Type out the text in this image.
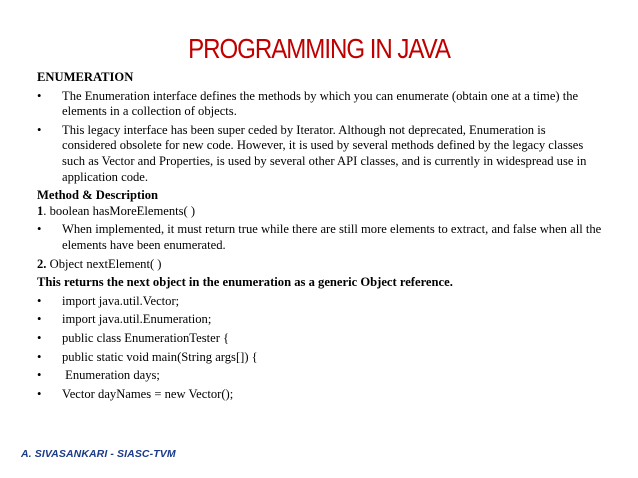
PROGRAMMING IN JAVA

ENUMERATION

•	The Enumeration interface defines the methods by which you can enumerate (obtain one at a time) the elements in a collection of objects.
•	This legacy interface has been super ceded by Iterator. Although not deprecated, Enumeration is considered obsolete for new code. However, it is used by several methods defined by the legacy classes such as Vector and Properties, is used by several other API classes, and is currently in widespread use in application code.

Method & Description

1. boolean hasMoreElements( )

•	When implemented, it must return true while there are still more elements to extract, and false when all the elements have been enumerated.

2. Object nextElement( )

This returns the next object in the enumeration as a generic Object reference.

•	import java.util.Vector;
•	import java.util.Enumeration;
•	public class EnumerationTester {
•	public static void main(String args[]) {
•	Enumeration days;
•	Vector dayNames = new Vector();
A. SIVASANKARI - SIASC-TVM
